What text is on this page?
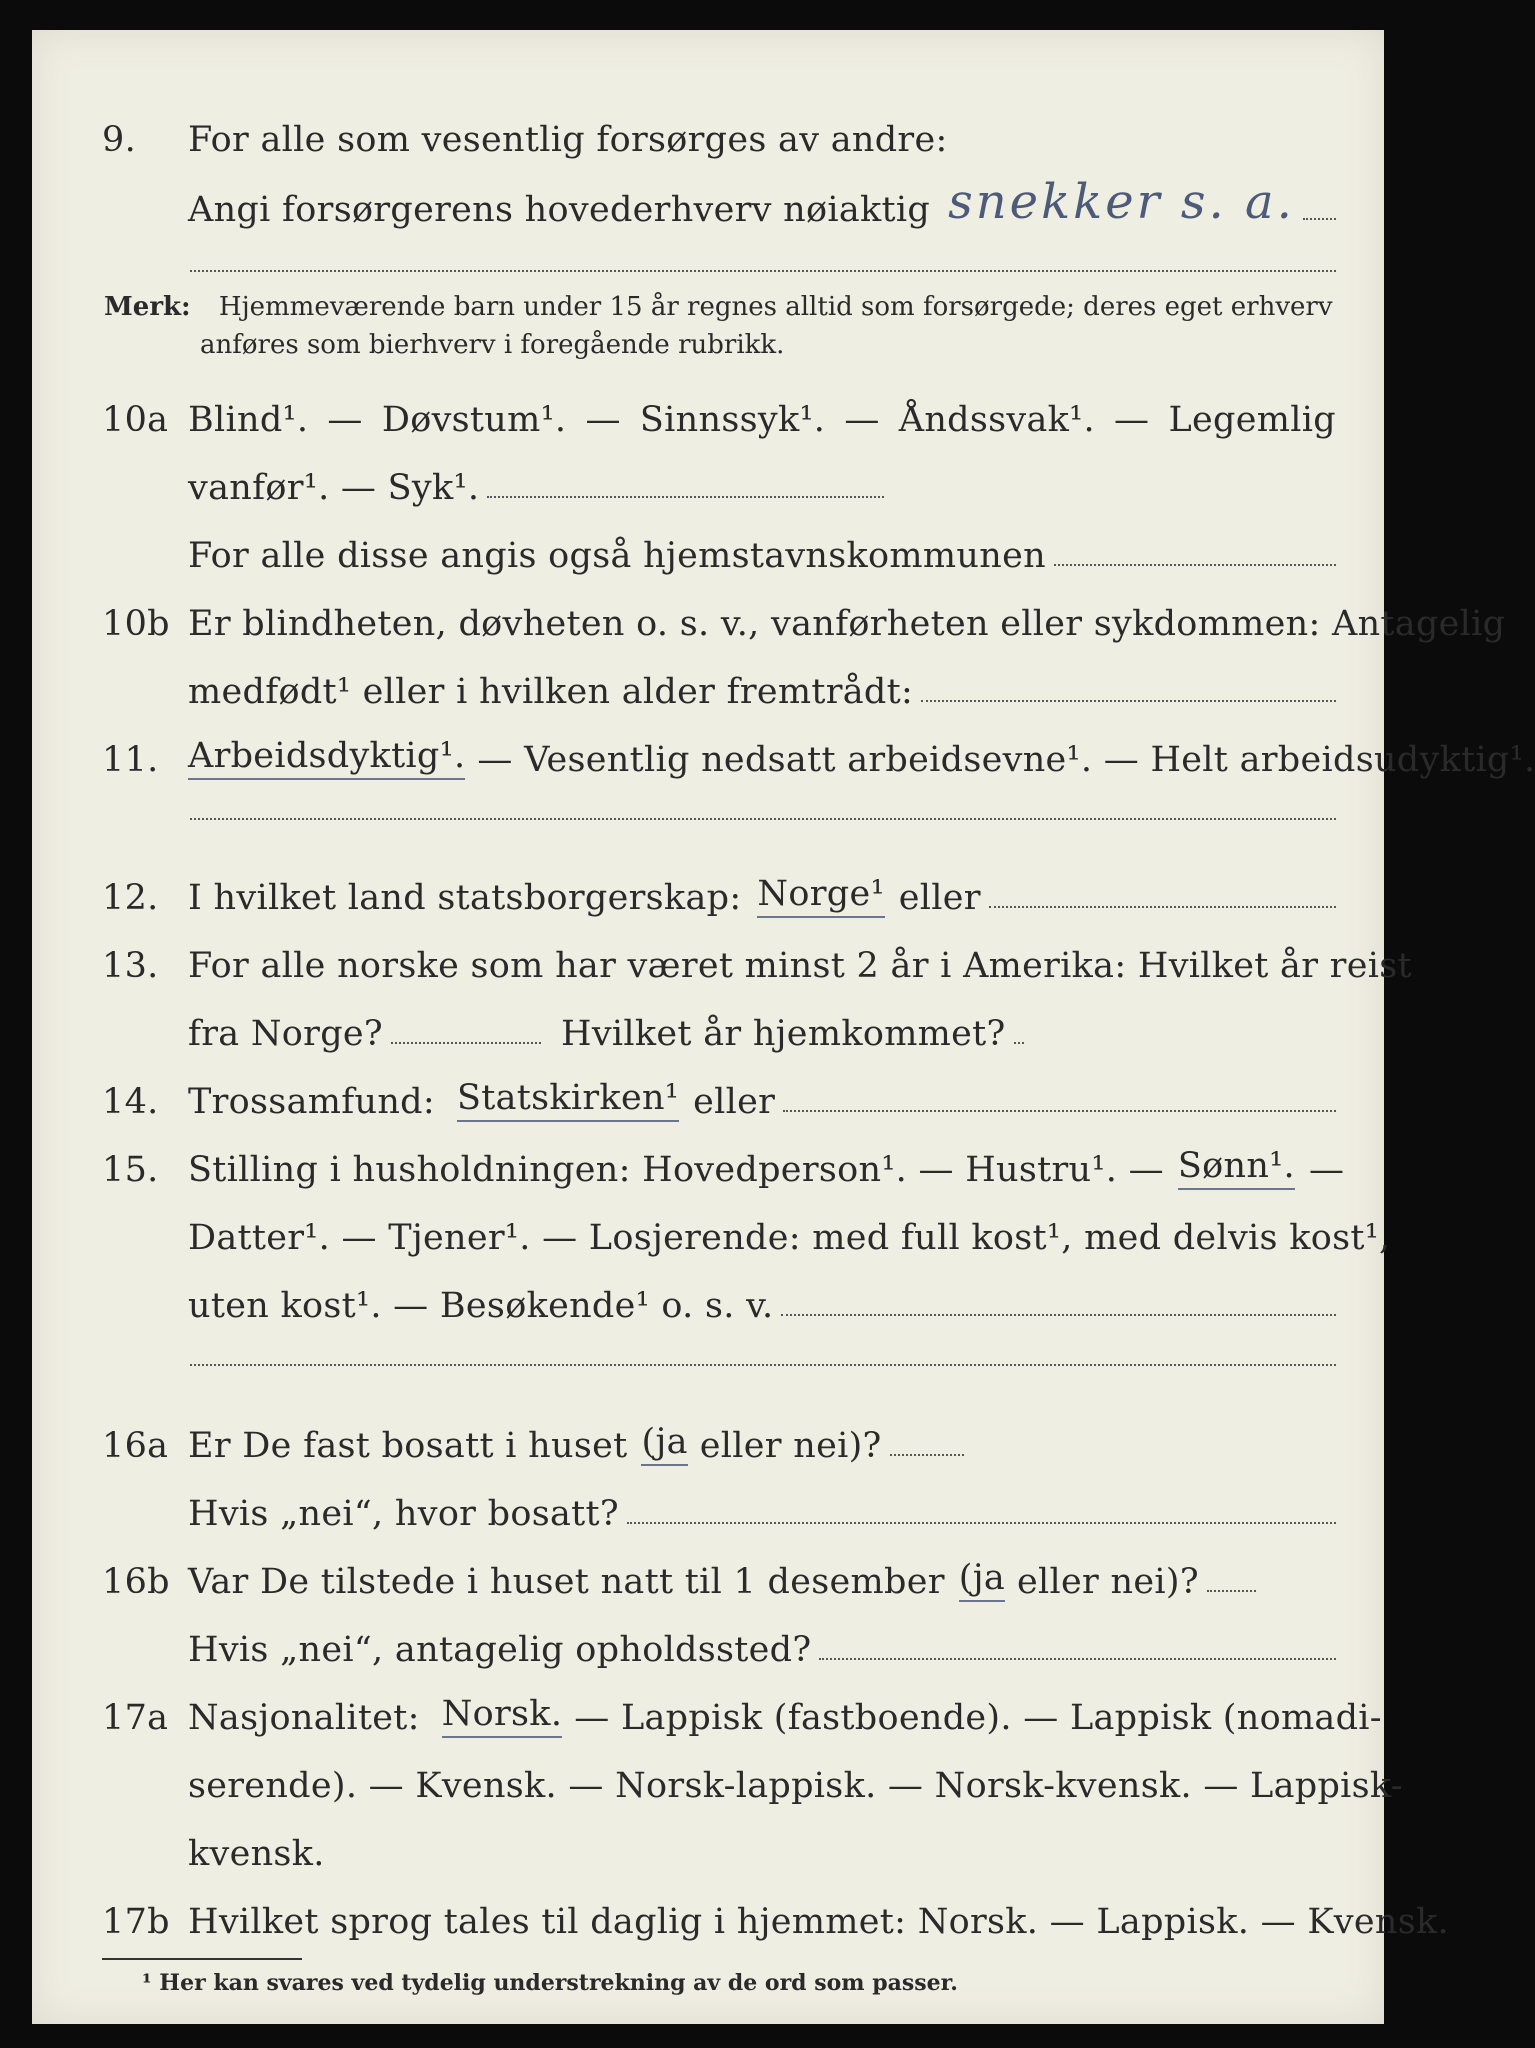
9.	For alle som vesentlig forsørges av andre:
Angi forsørgerens hovederhverv nøiaktig snekker s. a.
Merk: Hjemmeværende barn under 15 år regnes alltid som forsørgede; deres eget erhverv
anføres som bierhverv i foregående rubrikk.
10a Blind¹. — Døvstum¹. — Sinnssyk¹. — Åndssvak¹. — Legemlig
vanfør¹. — Syk¹.
For alle disse angis også hjemstavnskommunen
10b Er blindheten, døvheten o. s. v., vanførheten eller sykdommen: Antagelig
medfødt¹ eller i hvilken alder fremtrådt:
11. Arbeidsdyktig¹. — Vesentlig nedsatt arbeidsevne¹. — Helt arbeidsudyktig¹.
12. I hvilket land statsborgerskap: Norge¹ eller
13. For alle norske som har været minst 2 år i Amerika: Hvilket år reist
fra Norge?	Hvilket år hjemkommet?
14. Trossamfund: Statskirken¹ eller
15. Stilling i husholdningen: Hovedperson¹. — Hustru¹. — Sønn¹. —
Datter¹. — Tjener¹. — Losjerende: med full kost¹, med delvis kost¹,
uten kost¹. — Besøkende¹ o. s. v.
16a Er De fast bosatt i huset (ja eller nei)?
Hvis „nei“, hvor bosatt?
16b Var De tilstede i huset natt til 1 desember (ja eller nei)?
Hvis „nei“, antagelig opholdssted?
17a Nasjonalitet: Norsk. — Lappisk (fastboende). — Lappisk (nomadi-
serende). — Kvensk. — Norsk-lappisk. — Norsk-kvensk. — Lappisk-
kvensk.
17b Hvilket sprog tales til daglig i hjemmet: Norsk. — Lappisk. — Kvensk.
¹ Her kan svares ved tydelig understrekning av de ord som passer.
